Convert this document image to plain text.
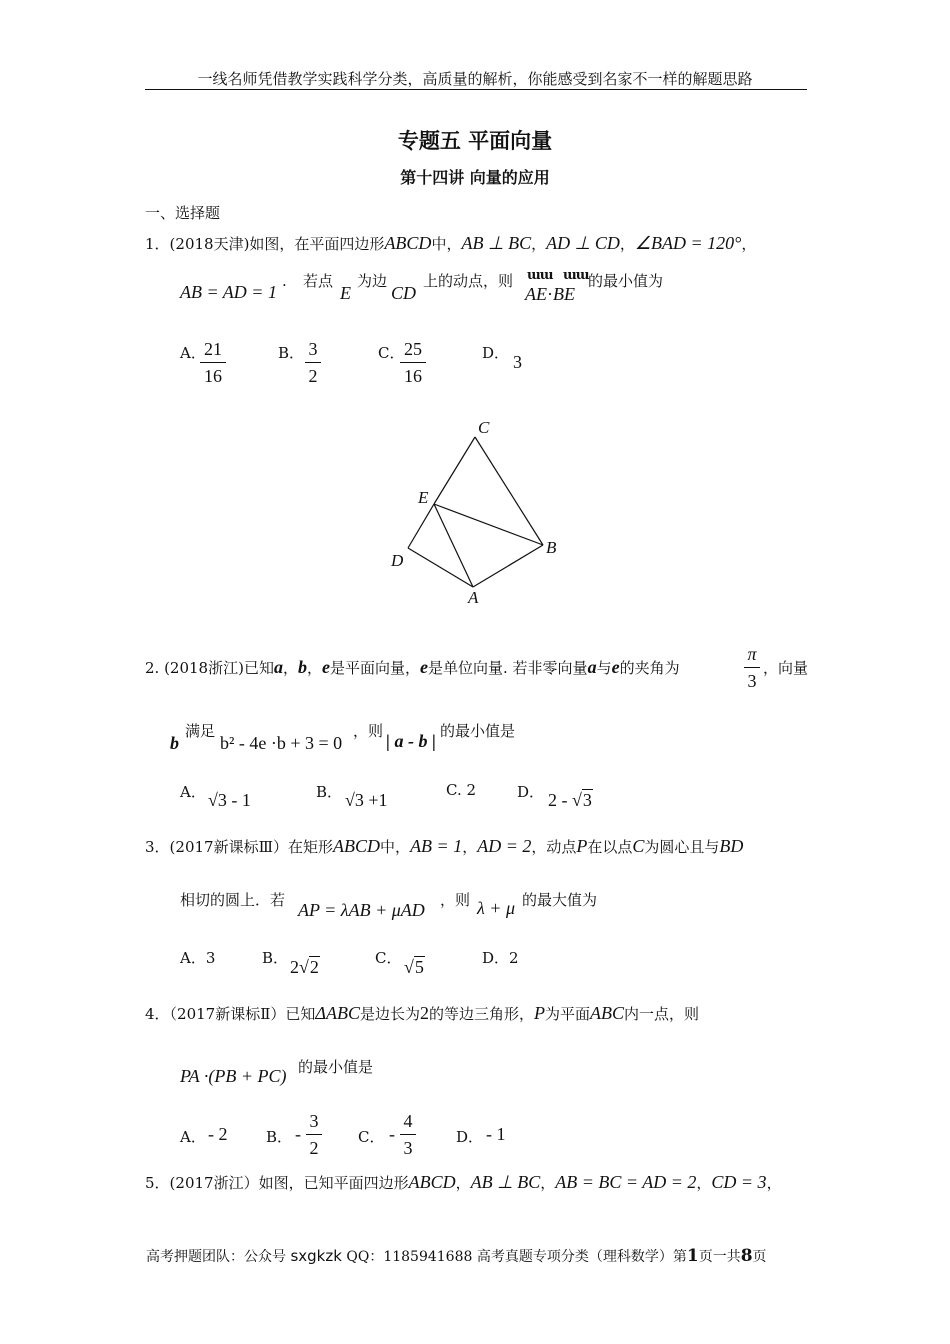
一线名师凭借教学实践科学分类，高质量的解析，你能感受到名家不一样的解题思路
专题五 平面向量
第十四讲 向量的应用
一、选择题
1．(2018天津)如图，在平面四边形ABCD中，AB ⊥ BC，AD ⊥ CD，∠BAD = 120°，
AB = AD = 1
. 若点
E
为边
CD
上的动点，则 ɯɯ ɯɯ
AE·BE
的最小值为
A．
21
16
B． 3
2
C． 25
16
D． 3
C
E
B
D
A
2. (2018浙江)已知a，b，e是平面向量，e是单位向量. 若非零向量a与e的夹角为
π
3
，向量
b
满足
b² - 4e ·b + 3 = 0
，则 | a - b | 的最小值是
A． √3 - 1	B． √3 +1	C. 2	D． 2 - √3
3．(2017新课标Ⅲ）在矩形ABCD中，AB = 1，AD = 2，动点P在以点C为圆心且与BD
相切的圆上．若 AP = λAB + μAD ，则 λ + μ 的最大值为
A．3	B． 2√2	C． √5	D．2
4．（2017新课标Ⅱ）已知ΔABC是边长为2的等边三角形，P为平面ABC内一点，则
PA ·(PB + PC) 的最小值是
A． - 2	B． -
3
2
C． -
4
3
D． - 1
5．(2017浙江）如图，已知平面四边形ABCD，AB ⊥ BC，AB = BC = AD = 2，CD = 3，
高考押题团队：公众号 sxgkzk QQ：1185941688 高考真题专项分类（理科数学）第1页一共8页
